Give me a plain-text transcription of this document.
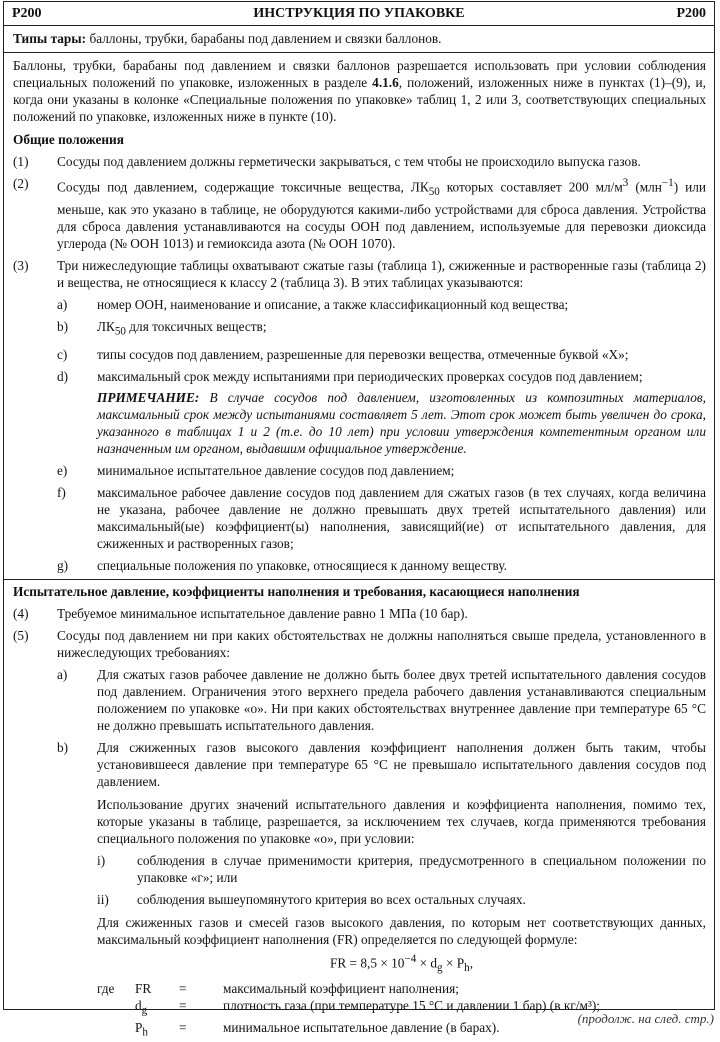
P200	ИНСТРУКЦИЯ ПО УПАКОВКЕ	P200
Типы тары: баллоны, трубки, барабаны под давлением и связки баллонов.

Баллоны, трубки, барабаны под давлением и связки баллонов разрешается использовать при условии соблюдения специальных положений по упаковке, изложенных в разделе 4.1.6, положений, изложенных ниже в пунктах (1)–(9), и, когда они указаны в колонке «Специальные положения по упаковке» таблиц 1, 2 или 3, соответствующих специальных положений по упаковке, изложенных ниже в пункте (10).

Общие положения

(1)	Сосуды под давлением должны герметически закрываться, с тем чтобы не происходило выпуска газов.
(2)	Сосуды под давлением, содержащие токсичные вещества, $ЛК_{50}$ которых составляет 200 $мл/м^3$ (млн$^{-1}$) или меньше, как это указано в таблице, не оборудуются какими-либо устройствами для сброса давления. Устройства для сброса давления устанавливаются на сосуды ООН под давлением, используемые для перевозки диоксида углерода (№ ООН 1013) и гемиоксида азота (№ ООН 1070).
(3)	Три нижеследующие таблицы охватывают сжатые газы (таблица 1), сжиженные и растворенные газы (таблица 2) и вещества, не относящиеся к классу 2 (таблица 3). В этих таблицах указываются:
a)	номер ООН, наименование и описание, а также классификационный код вещества;
b)	$ЛК_{50}$ для токсичных веществ;
c)	типы сосудов под давлением, разрешенные для перевозки вещества, отмеченные буквой «Х»;
d)	максимальный срок между испытаниями при периодических проверках сосудов под давлением;

ПРИМЕЧАНИЕ: В случае сосудов под давлением, изготовленных из композитных материалов, максимальный срок между испытаниями составляет 5 лет. Этот срок может быть увеличен до срока, указанного в таблицах 1 и 2 (т.е. до 10 лет) при условии утверждения компетентным органом или назначенным им органом, выдавшим официальное утверждение.

e)	минимальное испытательное давление сосудов под давлением;
f)	максимальное рабочее давление сосудов под давлением для сжатых газов (в тех случаях, когда величина не указана, рабочее давление не должно превышать двух третей испытательного давления) или максимальный(ые) коэффициент(ы) наполнения, зависящий(ие) от испытательного давления, для сжиженных и растворенных газов;
g)	специальные положения по упаковке, относящиеся к данному веществу.

Испытательное давление, коэффициенты наполнения и требования, касающиеся наполнения

(4)	Требуемое минимальное испытательное давление равно 1 МПа (10 бар).
(5)	Сосуды под давлением ни при каких обстоятельствах не должны наполняться свыше предела, установленного в нижеследующих требованиях:
a)	Для сжатых газов рабочее давление не должно быть более двух третей испытательного давления сосудов под давлением. Ограничения этого верхнего предела рабочего давления устанавливаются специальным положением по упаковке «о». Ни при каких обстоятельствах внутреннее давление при температуре 65 °С не должно превышать испытательного давления.
b)	Для сжиженных газов высокого давления коэффициент наполнения должен быть таким, чтобы установившееся давление при температуре 65 °С не превышало испытательного давления сосудов под давлением.

Использование других значений испытательного давления и коэффициента наполнения, помимо тех, которые указаны в таблице, разрешается, за исключением тех случаев, когда применяются требования специального положения по упаковке «о», при условии:

i)	соблюдения в случае применимости критерия, предусмотренного в специальном положении по упаковке «г»; или
ii)	соблюдения вышеупомянутого критерия во всех остальных случаях.

Для сжиженных газов и смесей газов высокого давления, по которым нет соответствующих данных, максимальный коэффициент наполнения (FR) определяется по следующей формуле:

FR = $8,5 \times 10^{-4} \times d_g \times P_h$,

где	FR	=	максимальный коэффициент наполнения;
$d_g$	=	плотность газа (при температуре 15 °С и давлении 1 бар) (в кг/м³);
$P_h$	=	минимальное испытательное давление (в барах).
(продолж. на след. стр.)
